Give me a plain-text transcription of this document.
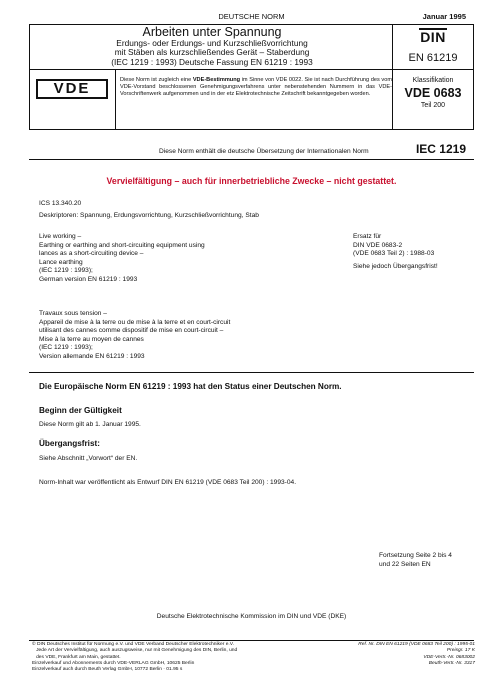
DEUTSCHE NORM	Januar 1995
Arbeiten unter Spannung
Erdungs- oder Erdungs- und Kurzschließvorrichtung
mit Stäben als kurzschließendes Gerät – Staberdung
(IEC 1219 : 1993) Deutsche Fassung EN 61219 : 1993
DIN
EN 61219
VDE	Diese Norm ist zugleich eine VDE-Bestimmung im Sinne von VDE 0022. Sie ist nach Durchführung des vom VDE-Vorstand beschlossenen Genehmigungsverfahrens unter nebenstehenden Nummern in das VDE-Vorschriftenwerk aufgenommen und in der etz Elektrotechnische Zeitschrift bekanntgegeben worden.
Klassifikation
VDE 0683
Teil 200
Diese Norm enthält die deutsche Übersetzung der Internationalen Norm	IEC 1219
Vervielfältigung – auch für innerbetriebliche Zwecke – nicht gestattet.
ICS 13.340.20
Deskriptoren: Spannung, Erdungsvorrichtung, Kurzschließvorrichtung, Stab
Live working –
Earthing or earthing and short-circuiting equipment using
lances as a short-circuiting device –
Lance earthing
(IEC 1219 : 1993);
German version EN 61219 : 1993
Ersatz für
DIN VDE 0683-2
(VDE 0683 Teil 2) : 1988-03
Siehe jedoch Übergangsfrist!
Travaux sous tension –
Appareil de mise à la terre ou de mise à la terre et en court-circuit
utilisant des cannes comme dispositif de mise en court-circuit –
Mise à la terre au moyen de cannes
(IEC 1219 : 1993);
Version allemande EN 61219 : 1993
Die Europäische Norm EN 61219 : 1993 hat den Status einer Deutschen Norm.
Beginn der Gültigkeit
Diese Norm gilt ab 1. Januar 1995.
Übergangsfrist:
Siehe Abschnitt „Vorwort“ der EN.
Norm-Inhalt war veröffentlicht als Entwurf DIN EN 61219 (VDE 0683 Teil 200) : 1993-04.
Fortsetzung Seite 2 bis 4
und 22 Seiten EN
Deutsche Elektrotechnische Kommission im DIN und VDE (DKE)
© DIN Deutsches Institut für Normung e.V. und VDE Verband Deutscher Elektrotechniker e.V.
Jede Art der Vervielfältigung, auch auszugsweise, nur mit Genehmigung des DIN, Berlin, und
des VDE, Frankfurt am Main, gestattet.
Einzelverkauf und Abonnements durch VDE-VERLAG GmbH, 10625 Berlin
Einzelverkauf auch durch Beuth Verlag GmbH, 10772 Berlin · 01.95 s
Ref. Nr. DIN EN 61219 (VDE 0683 Teil 200) : 1995-01
Preisgr. 17 K
VDE-Vertr.-Nr. 0683002
Beuth-Vertr.-Nr. 3317
